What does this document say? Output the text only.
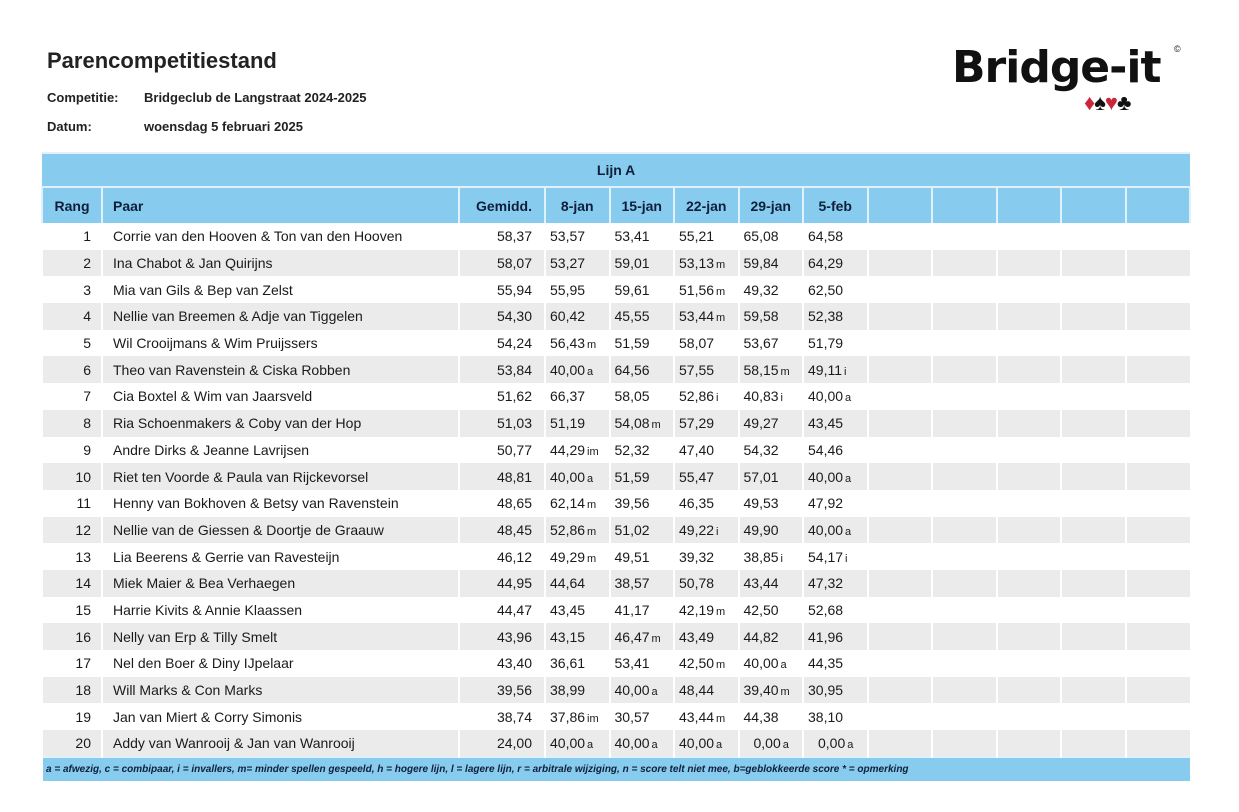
Parencompetitiestand
Competitie: Bridgeclub de Langstraat 2024-2025
Datum:	woensdag 5 februari 2025
Bridge-it ©
♦♠♥♣
Lijn A												
Rang	Paar	Gemidd.	8-jan	15-jan	22-jan	29-jan	5-feb					
1	Corrie van den Hooven & Ton van den Hooven	58,37	53,57	53,41	55,21	65,08	64,58					
2	Ina Chabot & Jan Quirijns	58,07	53,27	59,01	53,13 m	59,84	64,29					
3	Mia van Gils & Bep van Zelst	55,94	55,95	59,61	51,56 m	49,32	62,50					
4	Nellie van Breemen & Adje van Tiggelen	54,30	60,42	45,55	53,44 m	59,58	52,38					
5	Wil Crooijmans & Wim Pruijssers	54,24	56,43 m	51,59	58,07	53,67	51,79					
6	Theo van Ravenstein & Ciska Robben	53,84	40,00 a	64,56	57,55	58,15 m	49,11 i					
7	Cia Boxtel & Wim van Jaarsveld	51,62	66,37	58,05	52,86 i	40,83 i	40,00 a					
8	Ria Schoenmakers & Coby van der Hop	51,03	51,19	54,08 m	57,29	49,27	43,45					
9	Andre Dirks & Jeanne Lavrijsen	50,77	44,29 im	52,32	47,40	54,32	54,46					
10	Riet ten Voorde & Paula van Rijckevorsel	48,81	40,00 a	51,59	55,47	57,01	40,00 a					
11	Henny van Bokhoven & Betsy van Ravenstein	48,65	62,14 m	39,56	46,35	49,53	47,92					
12	Nellie van de Giessen & Doortje de Graauw	48,45	52,86 m	51,02	49,22 i	49,90	40,00 a					
13	Lia Beerens & Gerrie van Ravesteijn	46,12	49,29 m	49,51	39,32	38,85 i	54,17 i					
14	Miek Maier & Bea Verhaegen	44,95	44,64	38,57	50,78	43,44	47,32					
15	Harrie Kivits & Annie Klaassen	44,47	43,45	41,17	42,19 m	42,50	52,68					
16	Nelly van Erp & Tilly Smelt	43,96	43,15	46,47 m	43,49	44,82	41,96					
17	Nel den Boer & Diny IJpelaar	43,40	36,61	53,41	42,50 m	40,00 a	44,35					
18	Will Marks & Con Marks	39,56	38,99	40,00 a	48,44	39,40 m	30,95					
19	Jan van Miert & Corry Simonis	38,74	37,86 im	30,57	43,44 m	44,38	38,10					
20	Addy van Wanrooij & Jan van Wanrooij	24,00	40,00 a	40,00 a	40,00 a	0,00 a	0,00 a					
a = afwezig, c = combipaar, i = invallers, m= minder spellen gespeeld, h = hogere lijn, l = lagere lijn, r = arbitrale wijziging, n = score telt niet mee, b=geblokkeerde score * = opmerking												
